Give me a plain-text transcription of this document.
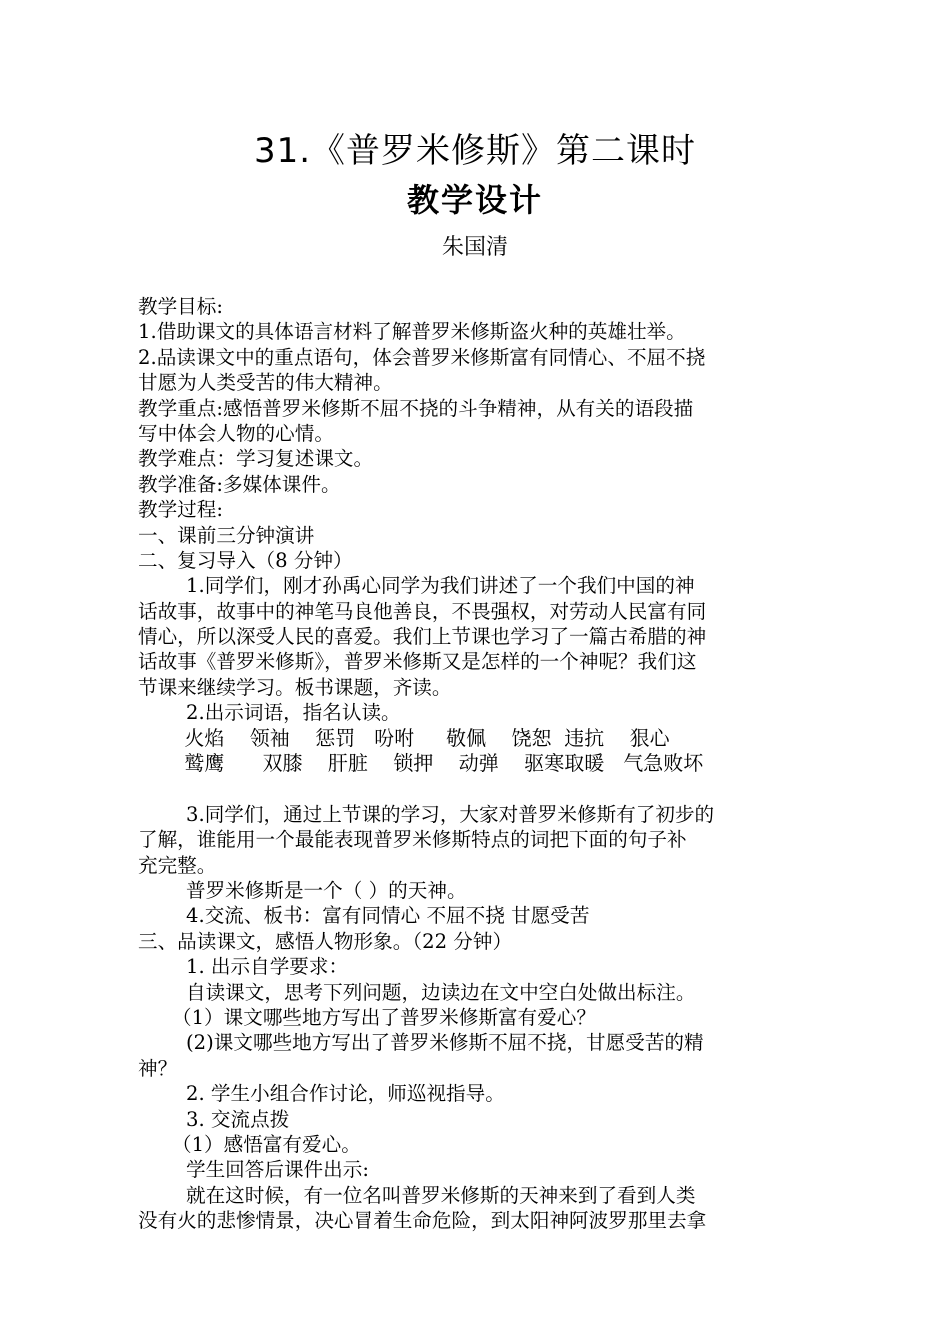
31.《普罗米修斯》第二课时
教学设计
朱国清
教学目标:
1.借助课文的具体语言材料了解普罗米修斯盗火种的英雄壮举。
2.品读课文中的重点语句，体会普罗米修斯富有同情心、不屈不挠
甘愿为人类受苦的伟大精神。
教学重点:感悟普罗米修斯不屈不挠的斗争精神，从有关的语段描
写中体会人物的心情。
教学难点：学习复述课文。
教学准备:多媒体课件。
教学过程:
一、课前三分钟演讲
二、复习导入（8 分钟）
1.同学们，刚才孙禹心同学为我们讲述了一个我们中国的神
话故事，故事中的神笔马良他善良，不畏强权，对劳动人民富有同
情心，所以深受人民的喜爱。我们上节课也学习了一篇古希腊的神
话故事《普罗米修斯》，普罗米修斯又是怎样的一个神呢？我们这
节课来继续学习。板书课题，齐读。
2.出示词语，指名认读。
火焰    领袖    惩罚   吩咐     敬佩    饶恕  违抗    狠心
鹫鹰      双膝    肝脏    锁押    动弹    驱寒取暖   气急败坏
3.同学们，通过上节课的学习，大家对普罗米修斯有了初步的
了解，谁能用一个最能表现普罗米修斯特点的词把下面的句子补
充完整。
普罗米修斯是一个（ ）的天神。
4.交流、板书：富有同情心 不屈不挠 甘愿受苦
三、品读课文，感悟人物形象。（22 分钟）
1. 出示自学要求：
自读课文，思考下列问题，边读边在文中空白处做出标注。
（1）课文哪些地方写出了普罗米修斯富有爱心？
(2)课文哪些地方写出了普罗米修斯不屈不挠，甘愿受苦的精
神？
2. 学生小组合作讨论，师巡视指导。
3. 交流点拨
（1）感悟富有爱心。
学生回答后课件出示:
就在这时候，有一位名叫普罗米修斯的天神来到了看到人类
没有火的悲惨情景，决心冒着生命危险，到太阳神阿波罗那里去拿
